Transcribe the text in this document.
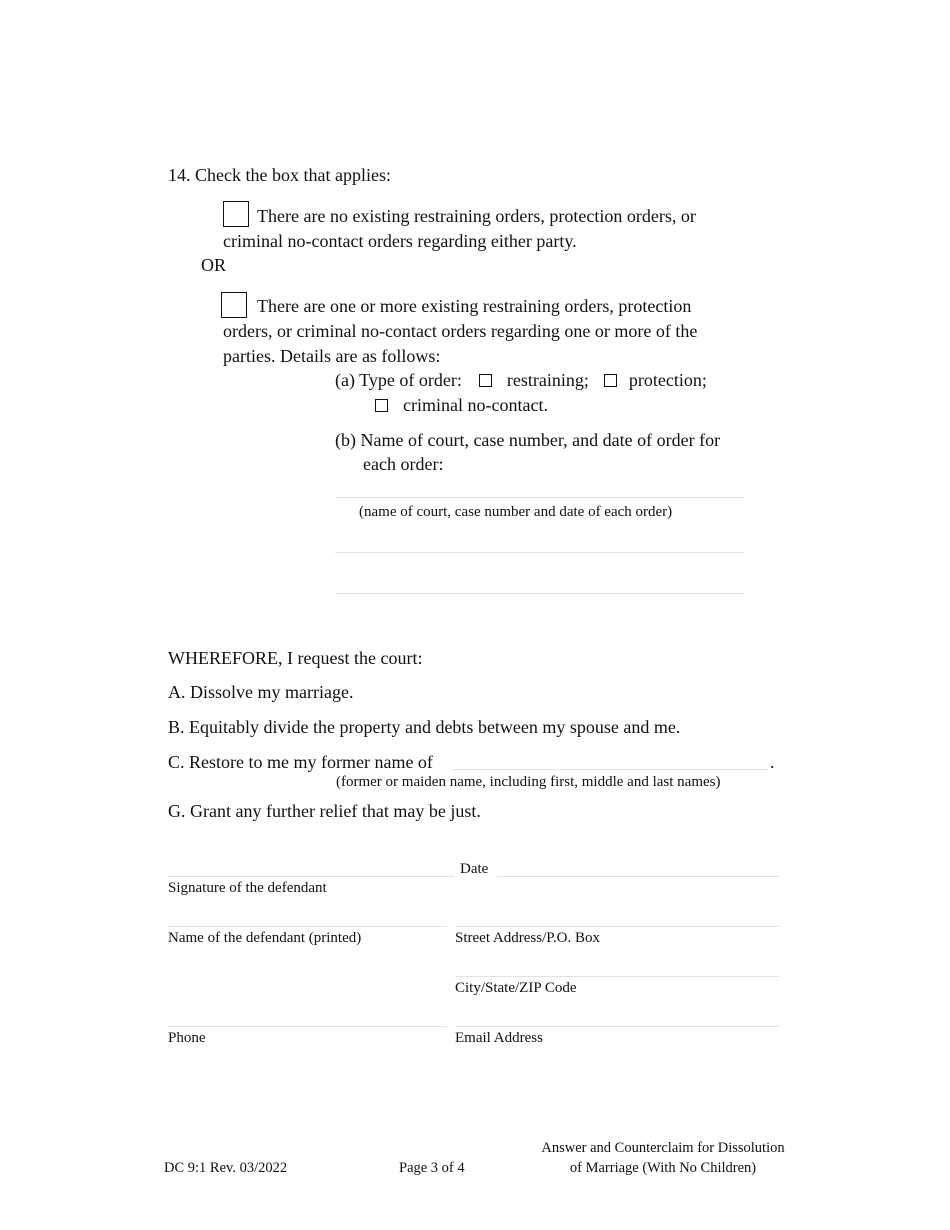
14. Check the box that applies:
There are no existing restraining orders, protection orders, or
criminal no-contact orders regarding either party.
OR
There are one or more existing restraining orders, protection
orders, or criminal no-contact orders regarding one or more of the
parties. Details are as follows:
(a) Type of order:	restraining; protection;
criminal no-contact.
(b) Name of court, case number, and date of order for
each order:
(name of court, case number and date of each order)
WHEREFORE, I request the court:
A. Dissolve my marriage.
B. Equitably divide the property and debts between my spouse and me.
C. Restore to me my former name of	.
(former or maiden name, including first, middle and last names)
G. Grant any further relief that may be just.
Date
Signature of the defendant
Name of the defendant (printed)	Street Address/P.O. Box
City/State/ZIP Code
Phone	Email Address
DC 9:1 Rev. 03/2022	Page 3 of 4
Answer and Counterclaim for Dissolution
of Marriage (With No Children)
